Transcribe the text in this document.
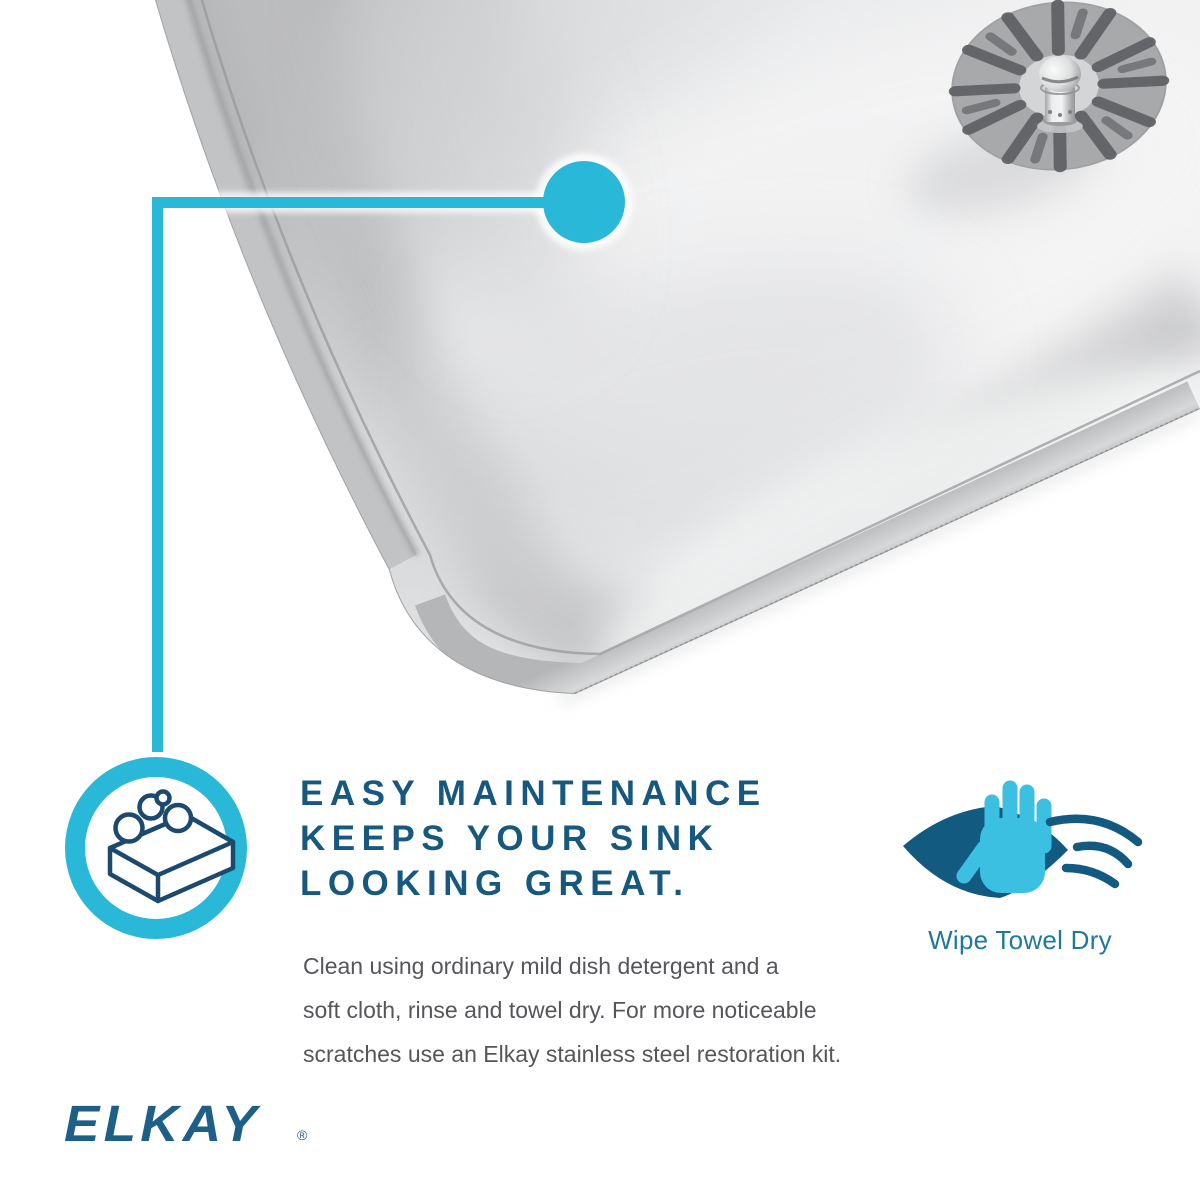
EASY MAINTENANCE
KEEPS YOUR SINK
LOOKING GREAT.
Clean using ordinary mild dish detergent and a
soft cloth, rinse and towel dry. For more noticeable
scratches use an Elkay stainless steel restoration kit.
Wipe Towel Dry
ELKAY	®
